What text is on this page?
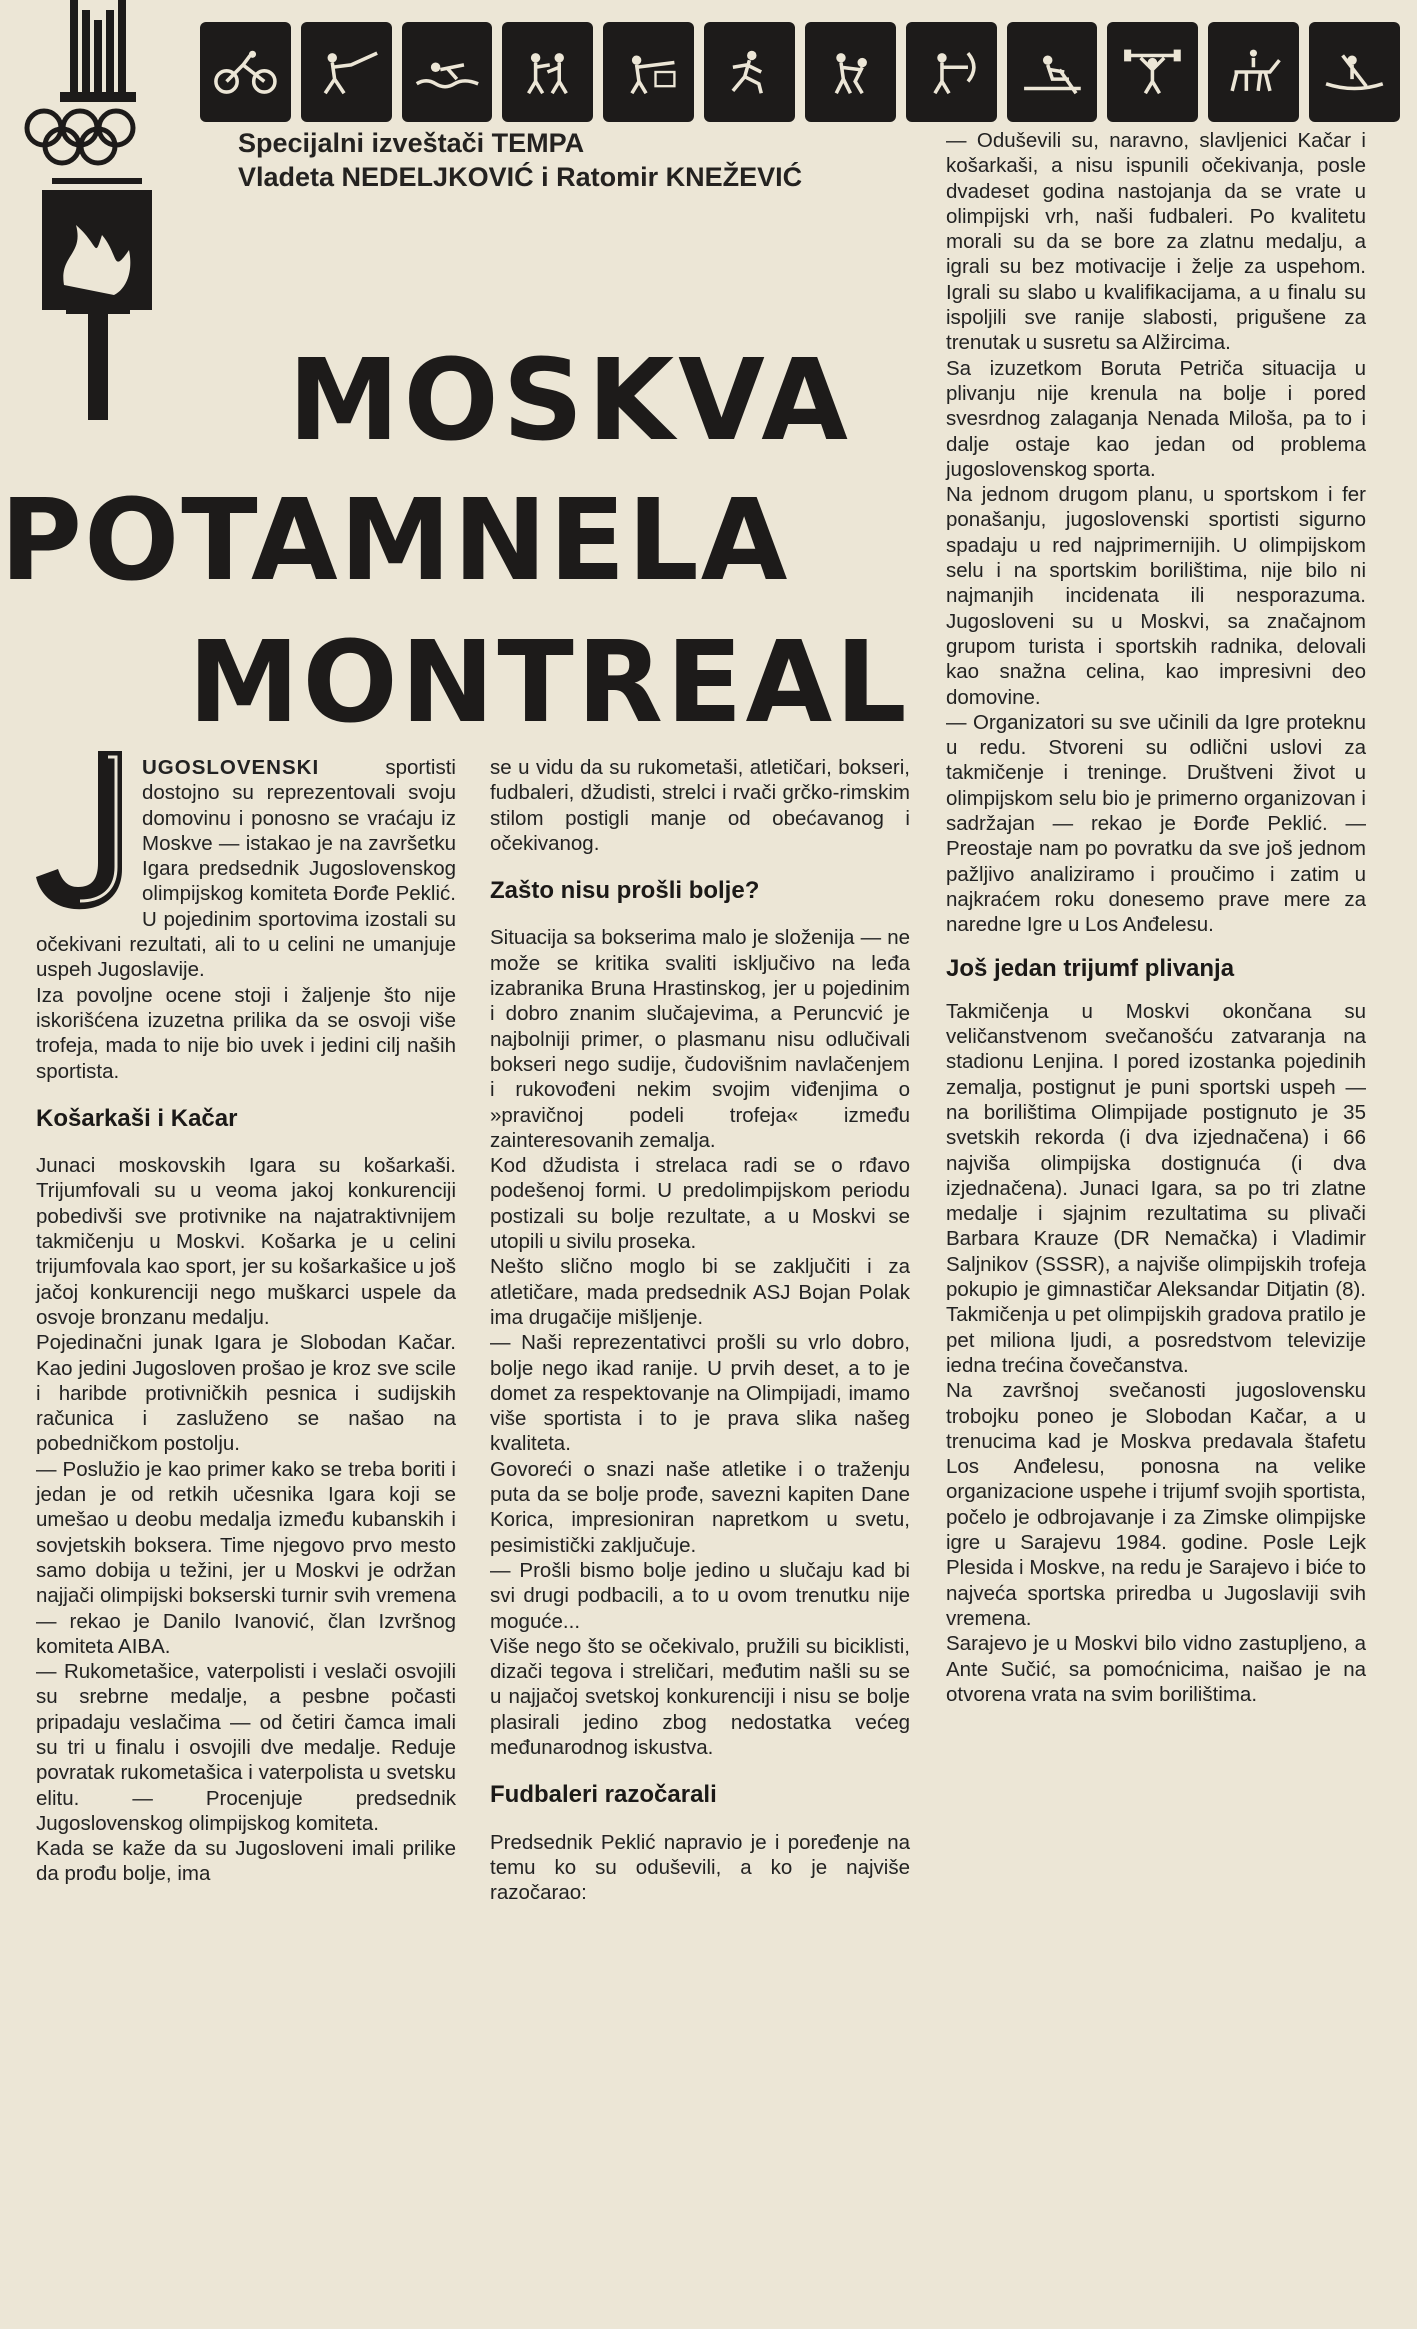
Specijalni izveštači TEMPA
Vladeta NEDELJKOVIĆ i Ratomir KNEŽEVIĆ
MOSKVA
POTAMNELA
MONTREAL

UGOSLOVENSKI	sportisti dostojno su reprezentovali svoju domovinu i ponosno se vraćaju iz Moskve — istakao je na završetku Igara predsednik Jugoslovenskog olimpijskog komiteta Đorđe Peklić. U pojedinim sportovima izostali su očekivani rezultati, ali to u celini ne umanjuje uspeh Jugoslavije.

Iza povoljne ocene stoji i žaljenje što nije iskorišćena izuzetna prilika da se osvoji više trofeja, mada to nije bio uvek i jedini cilj naših sportista.

Košarkaši i Kačar

Junaci moskovskih Igara su košarkaši. Trijumfovali su u veoma jakoj konkurenciji pobedivši sve protivnike na najatraktivnijem takmičenju u Moskvi. Košarka je u celini trijumfovala kao sport, jer su košarkašice u još jačoj konkurenciji nego muškarci uspele da osvoje bronzanu medalju.

Pojedinačni junak Igara je Slobodan Kačar. Kao jedini Jugosloven prošao je kroz sve scile i haribde protivničkih pesnica i sudijskih računica i zasluženo se našao na pobedničkom postolju.

— Poslužio je kao primer kako se treba boriti i jedan je od retkih učesnika Igara koji se umešao u deobu medalja između kubanskih i sovjetskih boksera. Time njegovo prvo mesto samo dobija u težini, jer u Moskvi je održan najjači olimpijski bokserski turnir svih vremena — rekao je Danilo Ivanović, član Izvršnog komiteta AIBA.

— Rukometašice, vaterpolisti i veslači osvojili su srebrne medalje, a pesbne počasti pripadaju veslačima — od četiri čamca imali su tri u finalu i osvojili dve medalje. Reduje povratak rukometašica i vaterpolista u svetsku elitu. — Procenjuje predsednik Jugoslovenskog olimpijskog komiteta.

Kada se kaže da su Jugosloveni imali prilike da prođu bolje, ima

se u vidu da su rukometaši, atletičari, bokseri, fudbaleri, džudisti, strelci i rvači grčko-rimskim stilom postigli manje od obećavanog i očekivanog.

Zašto nisu prošli bolje?

Situacija sa bokserima malo je složenija — ne može se kritika svaliti isključivo na leđa izabranika Bruna Hrastinskog, jer u pojedinim i dobro znanim slučajevima, a Peruncvić je najbolniji primer, o plasmanu nisu odlučivali bokseri nego sudije, čudovišnim navlačenjem i rukovođeni nekim svojim viđenjima o »pravičnoj podeli trofeja« između zainteresovanih zemalja.

Kod džudista i strelaca radi se o rđavo podešenoj formi. U predolimpijskom periodu postizali su bolje rezultate, a u Moskvi se utopili u sivilu proseka.

Nešto slično moglo bi se zaključiti i za atletičare, mada predsednik ASJ Bojan Polak ima drugačije mišljenje.

— Naši reprezentativci prošli su vrlo dobro, bolje nego ikad ranije. U prvih deset, a to je domet za respektovanje na Olimpijadi, imamo više sportista i to je prava slika našeg kvaliteta.

Govoreći o snazi naše atletike i o traženju puta da se bolje prođe, savezni kapiten Dane Korica, impresioniran napretkom u svetu, pesimistički zaključuje.

— Prošli bismo bolje jedino u slučaju kad bi svi drugi podbacili, a to u ovom trenutku nije moguće...

Više nego što se očekivalo, pružili su biciklisti, dizači tegova i streličari, međutim našli su se u najjačoj svetskoj konkurenciji i nisu se bolje plasirali jedino zbog nedostatka većeg međunarodnog iskustva.

Fudbaleri razočarali

Predsednik Peklić napravio je i poređenje na temu ko su oduševili, a ko je najviše razočarao:

— Oduševili su, naravno, slavljenici Kačar i košarkaši, a nisu ispunili očekivanja, posle dvadeset godina nastojanja da se vrate u olimpijski vrh, naši fudbaleri. Po kvalitetu morali su da se bore za zlatnu medalju, a igrali su bez motivacije i želje za uspehom. Igrali su slabo u kvalifikacijama, a u finalu su ispoljili sve ranije slabosti, prigušene za trenutak u susretu sa Alžircima.

Sa izuzetkom Boruta Petriča situacija u plivanju nije krenula na bolje i pored svesrdnog zalaganja Nenada Miloša, pa to i dalje ostaje kao jedan od problema jugoslovenskog sporta.

Na jednom drugom planu, u sportskom i fer ponašanju, jugoslovenski sportisti sigurno spadaju u red najprimernijih. U olimpijskom selu i na sportskim borilištima, nije bilo ni najmanjih incidenata ili nesporazuma. Jugosloveni su u Moskvi, sa značajnom grupom turista i sportskih radnika, delovali kao snažna celina, kao impresivni deo domovine.

— Organizatori su sve učinili da Igre proteknu u redu. Stvoreni su odlični uslovi za takmičenje i treninge. Društveni život u olimpijskom selu bio je primerno organizovan i sadržajan — rekao je Đorđe Peklić. — Preostaje nam po povratku da sve još jednom pažljivo analiziramo i proučimo i zatim u najkraćem roku donesemo prave mere za naredne Igre u Los Anđelesu.

Još jedan trijumf plivanja

Takmičenja u Moskvi okončana su veličanstvenom svečanošću zatvaranja na stadionu Lenjina. I pored izostanka pojedinih zemalja, postignut je puni sportski uspeh — na borilištima Olimpijade postignuto je 35 svetskih rekorda (i dva izjednačena) i 66 najviša olimpijska dostignuća (i dva izjednačena). Junaci Igara, sa po tri zlatne medalje i sjajnim rezultatima su plivači Barbara Krauze (DR Nemačka) i Vladimir Saljnikov (SSSR), a najviše olimpijskih trofeja pokupio je gimnastičar Aleksandar Ditjatin (8). Takmičenja u pet olimpijskih gradova pratilo je pet miliona ljudi, a posredstvom televizije iedna trećina čovečanstva.

Na završnoj svečanosti jugoslovensku trobojku ponео je Slobodan Kačar, a u trenucima kad je Moskva predavala štafetu Los Anđelesu, ponosna na velike organizacione uspehe i trijumf svojih sportista, počelo je odbrojavanje i za Zimske olimpijske igre u Sarajevu 1984. godine. Posle Lejk Plesida i Moskve, na redu je Sarajevo i biće to najveća sportska priredba u Jugoslaviji svih vremena.

Sarajevo je u Moskvi bilo vidno zastupljeno, a Ante Sučić, sa pomoćnicima, naišao je na otvorena vrata na svim borilištima.
